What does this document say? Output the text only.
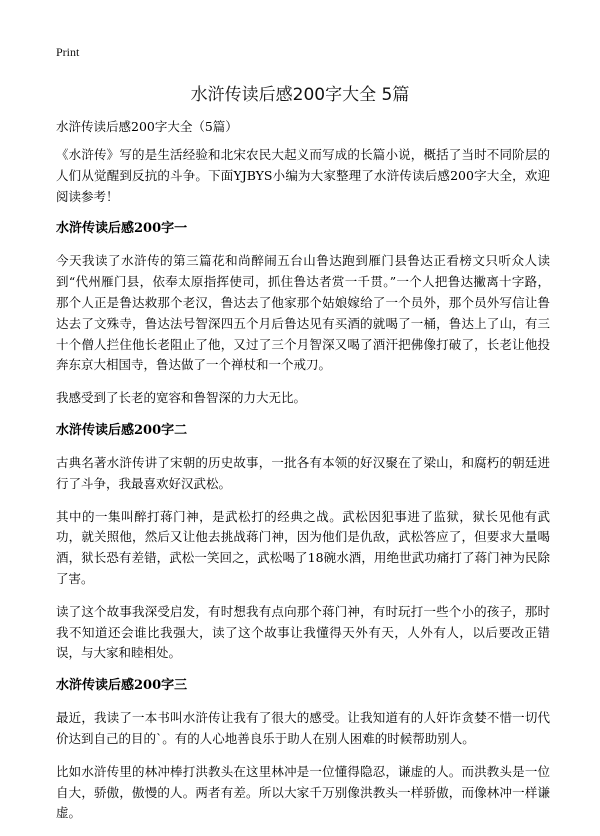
Print
水浒传读后感200字大全 5篇

水浒传读后感200字大全（5篇）

《水浒传》写的是生活经验和北宋农民大起义而写成的长篇小说，概括了当时不同阶层的人们从觉醒到反抗的斗争。下面YJBYS小编为大家整理了水浒传读后感200字大全，欢迎阅读参考！

水浒传读后感200字一

今天我读了水浒传的第三篇花和尚醉闹五台山鲁达跑到雁门县鲁达正看榜文只听众人读到“代州雁门县，依奉太原指挥使司，抓住鲁达者赏一千贯。”一个人把鲁达撇离十字路，那个人正是鲁达救那个老汉，鲁达去了他家那个姑娘嫁给了一个员外，那个员外写信让鲁达去了文殊寺，鲁达法号智深四五个月后鲁达见有买酒的就喝了一桶，鲁达上了山，有三十个僧人拦住他长老阻止了他，又过了三个月智深又喝了酒汗把佛像打破了，长老让他投奔东京大相国寺，鲁达做了一个禅杖和一个戒刀。

我感受到了长老的宽容和鲁智深的力大无比。

水浒传读后感200字二

古典名著水浒传讲了宋朝的历史故事，一批各有本领的好汉聚在了梁山，和腐朽的朝廷进行了斗争，我最喜欢好汉武松。

其中的一集叫醉打蒋门神，是武松打的经典之战。武松因犯事进了监狱，狱长见他有武功，就关照他，然后又让他去挑战蒋门神，因为他们是仇敌，武松答应了，但要求大量喝酒，狱长恐有差错，武松一笑回之，武松喝了18碗水酒，用绝世武功痛打了蒋门神为民除了害。

读了这个故事我深受启发，有时想我有点向那个蒋门神，有时玩打一些个小的孩子，那时我不知道还会谁比我强大，读了这个故事让我懂得天外有天，人外有人，以后要改正错误，与大家和睦相处。

水浒传读后感200字三

最近，我读了一本书叫水浒传让我有了很大的感受。让我知道有的人奸诈贪婪不惜一切代价达到自己的目的`。有的人心地善良乐于助人在别人困难的时候帮助别人。

比如水浒传里的林冲棒打洪教头在这里林冲是一位懂得隐忍，谦虚的人。而洪教头是一位自大，骄傲，傲慢的人。两者有差。所以大家千万别像洪教头一样骄傲，而像林冲一样谦虚。
